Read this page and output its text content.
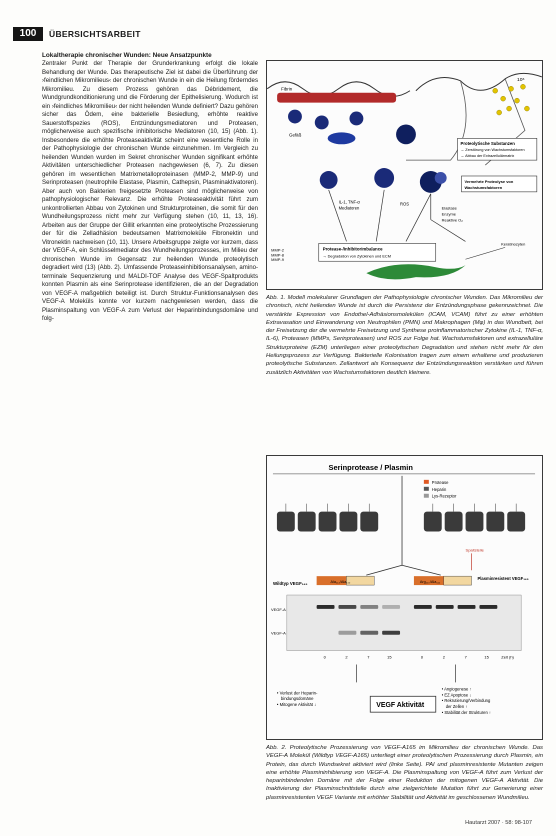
100	ÜBERSICHTSARBEIT

Lokaltherapie chronischer Wunden: Neue Ansatzpunkte

Zentraler Punkt der Therapie der Grunderkrankung erfolgt die lokale Behandlung der Wunde. Das therapeutische Ziel ist dabei die Überführung der ›feindlichen Mikromilieus‹ der chronischen Wunde in ein die Heilung förderndes Mikromilieu. Zu diesem Prozess gehören das Débridement, die Wundgrundkonditionierung und die Förderung der Epithelisierung. Wodurch ist ein ›feindliches Mikromilieu‹ der nicht heilenden Wunde definiert? Dazu gehören sicher das Ödem, eine bakterielle Besiedlung, erhöhte reaktive Sauerstoffspezies (ROS), Entzündungsmediatoren und Proteasen, möglicherweise auch spezifische inhibitorische Mediatoren (10, 15) (Abb. 1). Insbesondere die erhöhte Proteaseaktivität scheint eine wesentliche Rolle in der Pathophysiologie der chronischen Wunde einzunehmen. Im Vergleich zu heilenden Wunden wurden im Sekret chronischer Wunden signifikant erhöhte Aktivitäten unterschiedlicher Proteasen nachgewiesen (6, 7). Zu diesen gehören im wesentlichen Matrixmetalloproteinasen (MMP-2, MMP-9) und Serinproteasen (neutrophile Elastase, Plasmin, Cathepsin, Plasminaktivatoren). Aber auch von Bakterien freigesetzte Proteasen sind möglicherweise von pathophysiologischer Relevanz. Die erhöhte Proteaseaktivität führt zum unkontrollierten Abbau von Zytokinen und Strukturproteinen, die somit für den Wundheilungsprozess nicht mehr zur Verfügung stehen (10, 11, 13, 16). Arbeiten aus der Gruppe der Gillit erkannten eine proteolytische Prozessierung der für die Zelladhäsion bedeutsamen Matrixmoleküle Fibronektin und Vitronektin nachweisen (10, 11). Unsere Arbeitsgruppe zeigte vor kurzem, dass der VEGF-A, ein Schlüsselmediator des Wundheilungsprozesses, im Milieu der chronischen Wunde im Gegensatz zur heilenden Wunde proteolytisch degradiert wird (13) (Abb. 2). Umfassende Proteaseinhibitionsanalysen, amino-terminale Sequenzierung und MALDI-TOF Analyse des VEGF-Spaltprodukts konnten Plasmin als eine Serinprotease identifizieren, die an der Degradation von VEGF-A maßgeblich beteiligt ist. Durch Struktur-Funktionsanalysen des VEGF-A Moleküls konnte vor kurzem nachgewiesen werden, dass die Plasminspaltung von VEGF-A zum Verlust der Heparinbindungsdomäne und folg-

10⁶
Fibrin
Gefäß
Proteolytische Substanzen
→ Zerstörung von Wachstumsfaktoren
→ Abbau der Extrazellulärmatrix
Vermehrte Proteolyse von
Wachstumsfaktoren
IL-1, TNF-α
Mediatoren
ROS
Elastase
Enzyme
Reaktive O₂
MMP-2 MMP-8 MMP-9
Protease-/Inhibitorimbalance
→ Degradation von Zytokinen und ECM
Keratinozyten
Abb. 1. Modell molekularer Grundlagen der Pathophysiologie chronischer Wunden. Das Mikromilieu der chronisch, nicht heilenden Wunde ist durch die Persistenz der Entzündungsphase gekennzeichnet. Die verstärkte Expression von Endothel-Adhäsionsmolekülen (ICAM, VCAM) führt zu einer erhöhten Extravasation und Einwanderung von Neutrophilen (PMN) und Makrophagen (Mφ) in das Wundbett, bei der Freisetzung der die vermehrte Freisetzung und Synthese proinflammatorischer Zytokine (IL-1, TNF-α, IL-6), Proteasen (MMPs, Serinproteasen) und ROS zur Folge hat. Wachstumsfaktoren und extrazelluläre Strukturproteine (EZM) unterliegen einer proteolytischen Degradation und stehen nicht mehr für den Heilungsprozess zur Verfügung. Bakterielle Kolonisation tragen zum einem erhaltene und produzieren proteolytische Substanzen. Zellantwort als Konsequenz der Entzündungsreaktion verstärken und führen zusätzlich Aktivitäten von Wachstumsfaktoren deutlich kleinere.
Serinprotease / Plasmin
Protease
Heparin
Lys-Rezeptor
Spaltstelle
Wildtyp VEGF₁₆₅	Ala₁₁₁/Ala₁₁₂	Arg₁₁₀/Ala₁₁₁
Plasminresistent VEGF₁₆₅
VEGF-A
VEGF-A
0	2	7	15	0	2	7	15	Zeit (h)
• Verlust der Heparin-bindungsdomäne • Mitogene Aktivität ↓	VEGF Aktivität
• Angiogenese ↑ • EZ Apoptose ↓ • Rekrutierung/Verbindung der Zellen ↑ • Stabilität der Strukturen ↑
Abb. 2. Proteolytische Prozessierung von VEGF-A165 im Mikromilieu der chronischen Wunde. Das VEGF-A Molekül (Wildtyp VEGF-A165) unterliegt einer proteolytischen Prozessierung durch Plasmin, ein Protein, das durch Wundsekret aktiviert wird (linke Seite). PAI und plasminresistente Mutanten zeigen eine erhöhte Plasmininhibierung von VEGF-A. Die Plasminspaltung von VEGF-A führt zum Verlust der heparinbindenden Domäne mit der Folge einer Reduktion der mitogenen VEGF-A Aktivität. Die Inaktivierung der Plasminschnittstelle durch eine zielgerichtete Mutation führt zur Generierung einer plasminresistenten VEGF Variante mit erhöhter Stabilität und Aktivität im geschlossenen Wundmilieu.
Hautarzt 2007 · 58: 98-107
